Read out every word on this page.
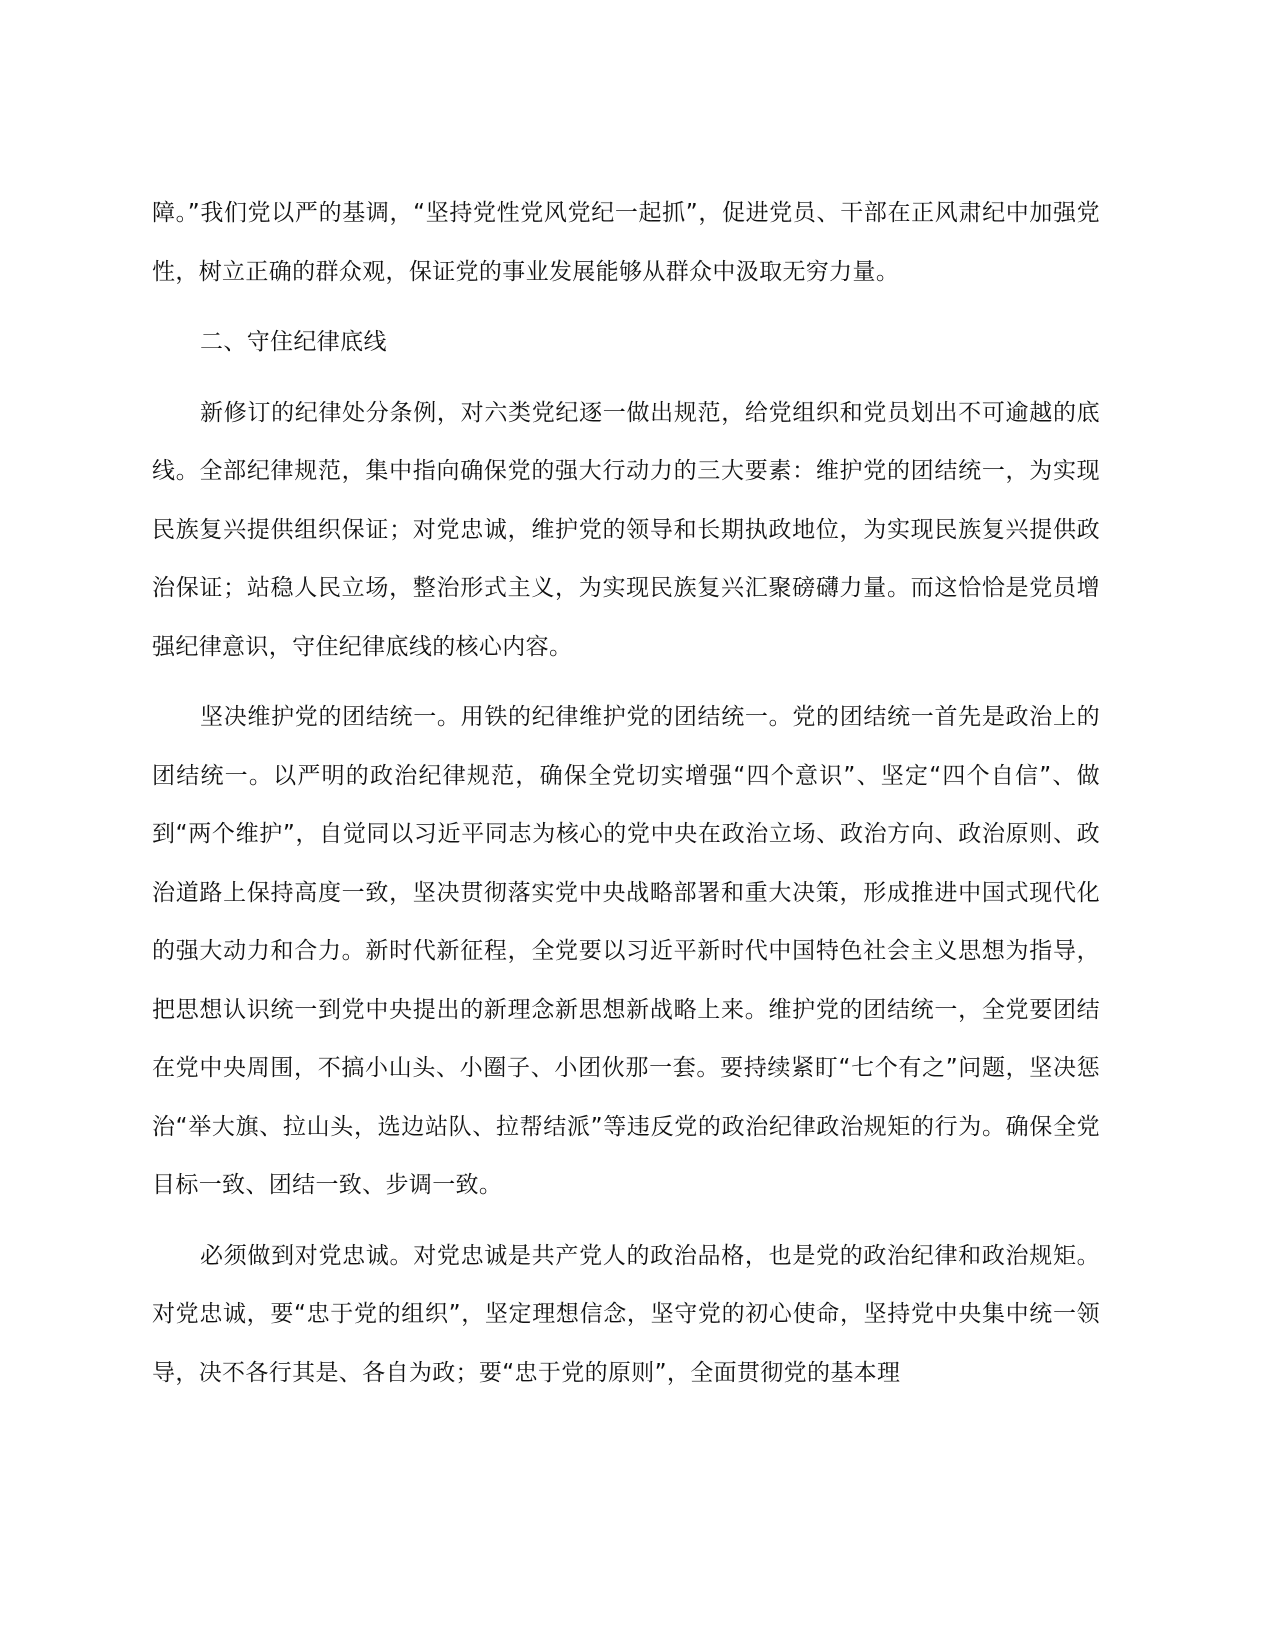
障。”我们党以严的基调，“坚持党性党风党纪一起抓”，促进党员、干部在正风肃纪中加强党性，树立正确的群众观，保证党的事业发展能够从群众中汲取无穷力量。

二、守住纪律底线

新修订的纪律处分条例，对六类党纪逐一做出规范，给党组织和党员划出不可逾越的底线。全部纪律规范，集中指向确保党的强大行动力的三大要素：维护党的团结统一，为实现民族复兴提供组织保证；对党忠诚，维护党的领导和长期执政地位，为实现民族复兴提供政治保证；站稳人民立场，整治形式主义，为实现民族复兴汇聚磅礴力量。而这恰恰是党员增强纪律意识，守住纪律底线的核心内容。

坚决维护党的团结统一。用铁的纪律维护党的团结统一。党的团结统一首先是政治上的团结统一。以严明的政治纪律规范，确保全党切实增强“四个意识”、坚定“四个自信”、做到“两个维护”，自觉同以习近平同志为核心的党中央在政治立场、政治方向、政治原则、政治道路上保持高度一致，坚决贯彻落实党中央战略部署和重大决策，形成推进中国式现代化的强大动力和合力。新时代新征程，全党要以习近平新时代中国特色社会主义思想为指导，把思想认识统一到党中央提出的新理念新思想新战略上来。维护党的团结统一，全党要团结在党中央周围，不搞小山头、小圈子、小团伙那一套。要持续紧盯“七个有之”问题，坚决惩治“举大旗、拉山头，选边站队、拉帮结派”等违反党的政治纪律政治规矩的行为。确保全党目标一致、团结一致、步调一致。

必须做到对党忠诚。对党忠诚是共产党人的政治品格，也是党的政治纪律和政治规矩。对党忠诚，要“忠于党的组织”，坚定理想信念，坚守党的初心使命，坚持党中央集中统一领导，决不各行其是、各自为政；要“忠于党的原则”，全面贯彻党的基本理
